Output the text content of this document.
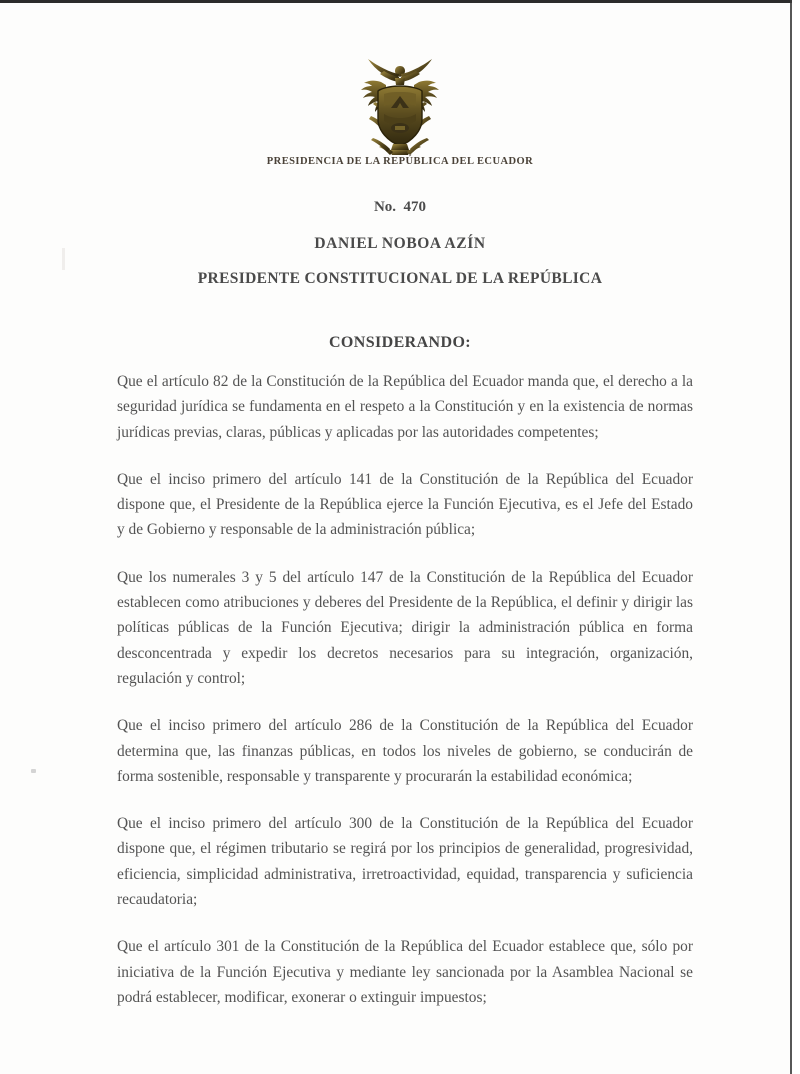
PRESIDENCIA DE LA REPÚBLICA DEL ECUADOR
No.  470
DANIEL NOBOA AZÍN
PRESIDENTE CONSTITUCIONAL DE LA REPÚBLICA
CONSIDERANDO:

Que el artículo 82 de la Constitución de la República del Ecuador manda que, el derecho a la seguridad jurídica se fundamenta en el respeto a la Constitución y en la existencia de normas jurídicas previas, claras, públicas y aplicadas por las autoridades competentes;

Que el inciso primero del artículo 141 de la Constitución de la República del Ecuador dispone que, el Presidente de la República ejerce la Función Ejecutiva, es el Jefe del Estado y de Gobierno y responsable de la administración pública;

Que los numerales 3 y 5 del artículo 147 de la Constitución de la República del Ecuador establecen como atribuciones y deberes del Presidente de la República, el definir y dirigir las políticas públicas de la Función Ejecutiva; dirigir la administración pública en forma desconcentrada y expedir los decretos necesarios para su integración, organización, regulación y control;

Que el inciso primero del artículo 286 de la Constitución de la República del Ecuador determina que, las finanzas públicas, en todos los niveles de gobierno, se conducirán de forma sostenible, responsable y transparente y procurarán la estabilidad económica;

Que el inciso primero del artículo 300 de la Constitución de la República del Ecuador dispone que, el régimen tributario se regirá por los principios de generalidad, progresividad, eficiencia, simplicidad administrativa, irretroactividad, equidad, transparencia y suficiencia recaudatoria;

Que el artículo 301 de la Constitución de la República del Ecuador establece que, sólo por iniciativa de la Función Ejecutiva y mediante ley sancionada por la Asamblea Nacional se podrá establecer, modificar, exonerar o extinguir impuestos;
